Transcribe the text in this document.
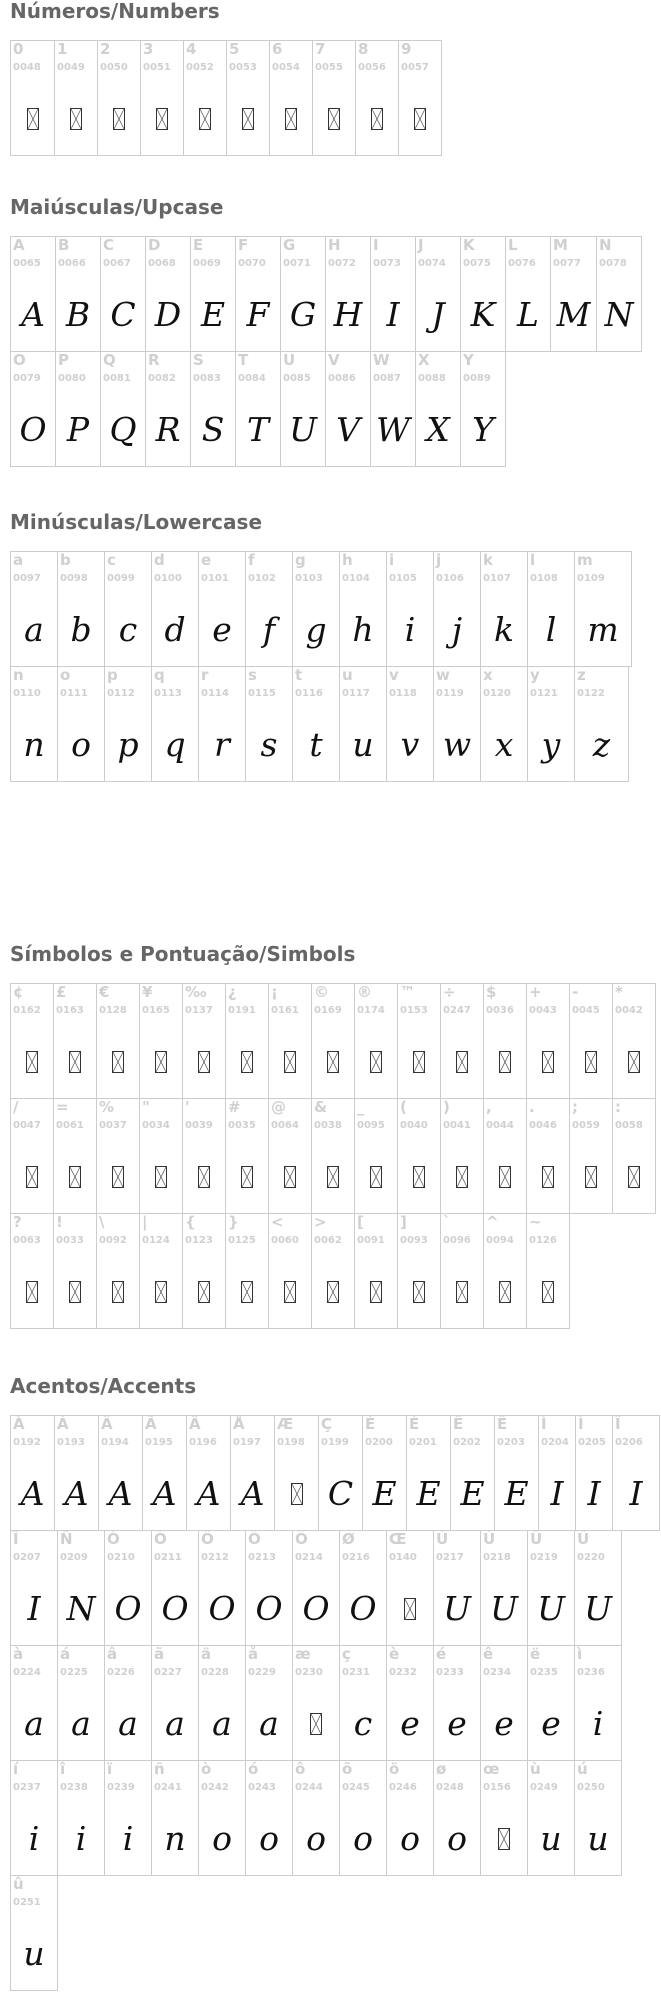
Números/Numbers
0
0048
1
0049
2
0050
3
0051
4
0052
5
0053
6
0054
7
0055
8
0056
9
0057
Maiúsculas/Upcase
A
0065
A
B
0066
B
C
0067
C
D
0068
D
E
0069
E
F
0070
F
G
0071
G
H
0072
H
I
0073
I
J
0074
J
K
0075
K
L
0076
L
M
0077
M
N
0078
N
O
0079
O
P
0080
P
Q
0081
Q
R
0082
R
S
0083
S
T
0084
T
U
0085
U
V
0086
V
W
0087
W
X
0088
X
Y
0089
Y
Minúsculas/Lowercase
a
0097
a
b
0098
b
c
0099
c
d
0100
d
e
0101
e
f
0102
f
g
0103
g
h
0104
h
i
0105
i
j
0106
j
k
0107
k
l
0108
l
m
0109
m
n
0110
n
o
0111
o
p
0112
p
q
0113
q
r
0114
r
s
0115
s
t
0116
t
u
0117
u
v
0118
v
w
0119
w
x
0120
x
y
0121
y
z
0122
z
Símbolos e Pontuação/Simbols
¢
0162
£
0163
€
0128
¥
0165
‰
0137
¿
0191
¡
0161
©
0169
®
0174
™
0153
÷
0247
$
0036
+
0043
-
0045
*
0042
/
0047
=
0061
%
0037
"
0034
'
0039
#
0035
@
0064
&
0038
_
0095
(
0040
)
0041
,
0044
.
0046
;
0059
:
0058
?
0063
!
0033
\
0092
|
0124
{
0123
}
0125
<
0060
>
0062
[
0091
]
0093
`
0096
^
0094
~
0126
Acentos/Accents
À
0192
A
Á
0193
A
Â
0194
A
Ã
0195
A
Ä
0196
A
Å
0197
A
Æ
0198
Ç
0199
C
È
0200
E
É
0201
E
Ê
0202
E
Ë
0203
E
Ì
0204
I
Í
0205
I
Î
0206
I
Ï
0207
I
Ñ
0209
N
Ò
0210
O
Ó
0211
O
Ô
0212
O
Õ
0213
O
Ö
0214
O
Ø
0216
O
Œ
0140
Ù
0217
U
Ú
0218
U
Û
0219
U
Ü
0220
U
à
0224
a
á
0225
a
â
0226
a
ã
0227
a
ä
0228
a
å
0229
a
æ
0230
ç
0231
c
è
0232
e
é
0233
e
ê
0234
e
ë
0235
e
ì
0236
i
í
0237
i
î
0238
i
ï
0239
i
ñ
0241
n
ò
0242
o
ó
0243
o
ô
0244
o
õ
0245
o
ö
0246
o
ø
0248
o
œ
0156
ù
0249
u
ú
0250
u
û
0251
u
